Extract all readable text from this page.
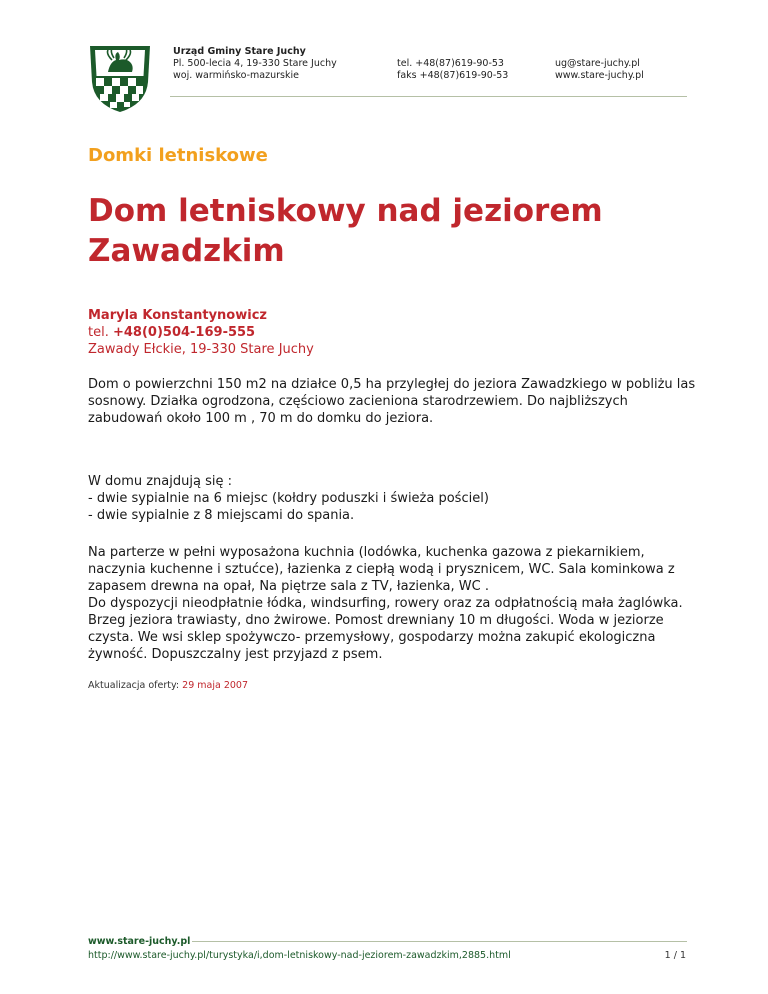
Urząd Gminy Stare Juchy
Pl. 500-lecia 4, 19-330 Stare Juchy
woj. warmińsko-mazurskie
tel. +48(87)619-90-53
faks +48(87)619-90-53
ug@stare-juchy.pl
www.stare-juchy.pl
Domki letniskowe
Dom letniskowy nad jeziorem Zawadzkim
Maryla Konstantynowicz
tel. +48(0)504-169-555
Zawady Ełckie, 19-330 Stare Juchy

Dom o powierzchni 150 m2 na działce 0,5 ha przyległej do jeziora Zawadzkiego w pobliżu las sosnowy. Działka ogrodzona, częściowo zacieniona starodrzewiem. Do najbliższych zabudowań około 100 m , 70 m do domku do jeziora.

W domu znajdują się :

- dwie sypialnie na 6 miejsc (kołdry poduszki i świeża pościel)

- dwie sypialnie z 8 miejscami do spania.

Na parterze w pełni wyposażona kuchnia (lodówka, kuchenka gazowa z piekarnikiem, naczynia kuchenne i sztućce), łazienka z ciepłą wodą i prysznicem, WC. Sala kominkowa z zapasem drewna na opał, Na piętrze sala z TV, łazienka, WC .

Do dyspozycji nieodpłatnie łódka, windsurfing, rowery oraz za odpłatnością mała żaglówka. Brzeg jeziora trawiasty, dno żwirowe. Pomost drewniany 10 m długości. Woda w jeziorze czysta. We wsi sklep spożywczo- przemysłowy, gospodarzy można zakupić ekologiczna żywność. Dopuszczalny jest przyjazd z psem.

Aktualizacja oferty: 29 maja 2007
www.stare-juchy.pl
http://www.stare-juchy.pl/turystyka/i,dom-letniskowy-nad-jeziorem-zawadzkim,2885.html	1 / 1
